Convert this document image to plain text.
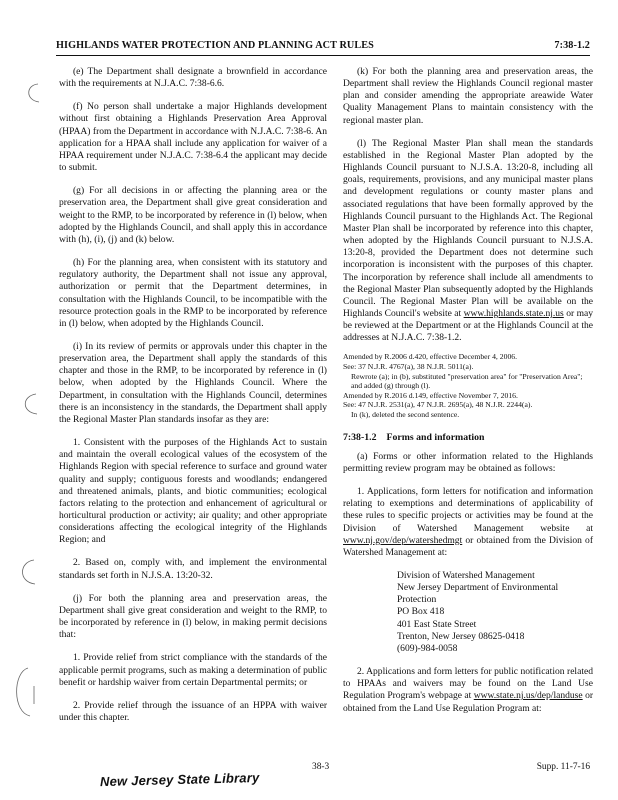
HIGHLANDS WATER PROTECTION AND PLANNING ACT RULES	7:38-1.2

(e) The Department shall designate a brownfield in accordance with the requirements at N.J.A.C. 7:38-6.6.

(f) No person shall undertake a major Highlands development without first obtaining a Highlands Preservation Area Approval (HPAA) from the Department in accordance with N.J.A.C. 7:38-6. An application for a HPAA shall include any application for waiver of a HPAA requirement under N.J.A.C. 7:38-6.4 the applicant may decide to submit.

(g) For all decisions in or affecting the planning area or the preservation area, the Department shall give great consideration and weight to the RMP, to be incorporated by reference in (l) below, when adopted by the Highlands Council, and shall apply this in accordance with (h), (i), (j) and (k) below.

(h) For the planning area, when consistent with its statutory and regulatory authority, the Department shall not issue any approval, authorization or permit that the Department determines, in consultation with the Highlands Council, to be incompatible with the resource protection goals in the RMP to be incorporated by reference in (l) below, when adopted by the Highlands Council.

(i) In its review of permits or approvals under this chapter in the preservation area, the Department shall apply the standards of this chapter and those in the RMP, to be incorporated by reference in (l) below, when adopted by the Highlands Council. Where the Department, in consultation with the Highlands Council, determines there is an inconsistency in the standards, the Department shall apply the Regional Master Plan standards insofar as they are:

1. Consistent with the purposes of the Highlands Act to sustain and maintain the overall ecological values of the ecosystem of the Highlands Region with special reference to surface and ground water quality and supply; contiguous forests and woodlands; endangered and threatened animals, plants, and biotic communities; ecological factors relating to the protection and enhancement of agricultural or horticultural production or activity; air quality; and other appropriate considerations affecting the ecological integrity of the Highlands Region; and

2. Based on, comply with, and implement the environmental standards set forth in N.J.S.A. 13:20-32.

(j) For both the planning area and preservation areas, the Department shall give great consideration and weight to the RMP, to be incorporated by reference in (l) below, in making permit decisions that:

1. Provide relief from strict compliance with the standards of the applicable permit programs, such as making a determination of public benefit or hardship waiver from certain Departmental permits; or

2. Provide relief through the issuance of an HPPA with waiver under this chapter.

(k) For both the planning area and preservation areas, the Department shall review the Highlands Council regional master plan and consider amending the appropriate areawide Water Quality Management Plans to maintain consistency with the regional master plan.

(l) The Regional Master Plan shall mean the standards established in the Regional Master Plan adopted by the Highlands Council pursuant to N.J.S.A. 13:20-8, including all goals, requirements, provisions, and any municipal master plans and development regulations or county master plans and associated regulations that have been formally approved by the Highlands Council pursuant to the Highlands Act. The Regional Master Plan shall be incorporated by reference into this chapter, when adopted by the Highlands Council pursuant to N.J.S.A. 13:20-8, provided the Department does not determine such incorporation is inconsistent with the purposes of this chapter. The incorporation by reference shall include all amendments to the Regional Master Plan subsequently adopted by the Highlands Council. The Regional Master Plan will be available on the Highlands Council's website at www.highlands.state.nj.us or may be reviewed at the Department or at the Highlands Council at the addresses at N.J.A.C. 7:38-1.2.

Amended by R.2006 d.420, effective December 4, 2006.

See: 37 N.J.R. 4767(a), 38 N.J.R. 5011(a).

Rewrote (a); in (b), substituted "preservation area" for "Preservation Area"; and added (g) through (l).

Amended by R.2016 d.149, effective November 7, 2016.

See: 47 N.J.R. 2531(a), 47 N.J.R. 2695(a), 48 N.J.R. 2244(a).

In (k), deleted the second sentence.

7:38-1.2 Forms and information

(a) Forms or other information related to the Highlands permitting review program may be obtained as follows:

1. Applications, form letters for notification and information relating to exemptions and determinations of applicability of these rules to specific projects or activities may be found at the Division of Watershed Management website at www.nj.gov/dep/watershedmgt or obtained from the Division of Watershed Management at:

Division of Watershed Management
New Jersey Department of Environmental Protection
PO Box 418
401 East State Street
Trenton, New Jersey 08625-0418
(609)-984-0058

2. Applications and form letters for public notification related to HPAAs and waivers may be found on the Land Use Regulation Program's webpage at www.state.nj.us/dep/landuse or obtained from the Land Use Regulation Program at:

38-3	Supp. 11-7-16
New Jersey State Library
